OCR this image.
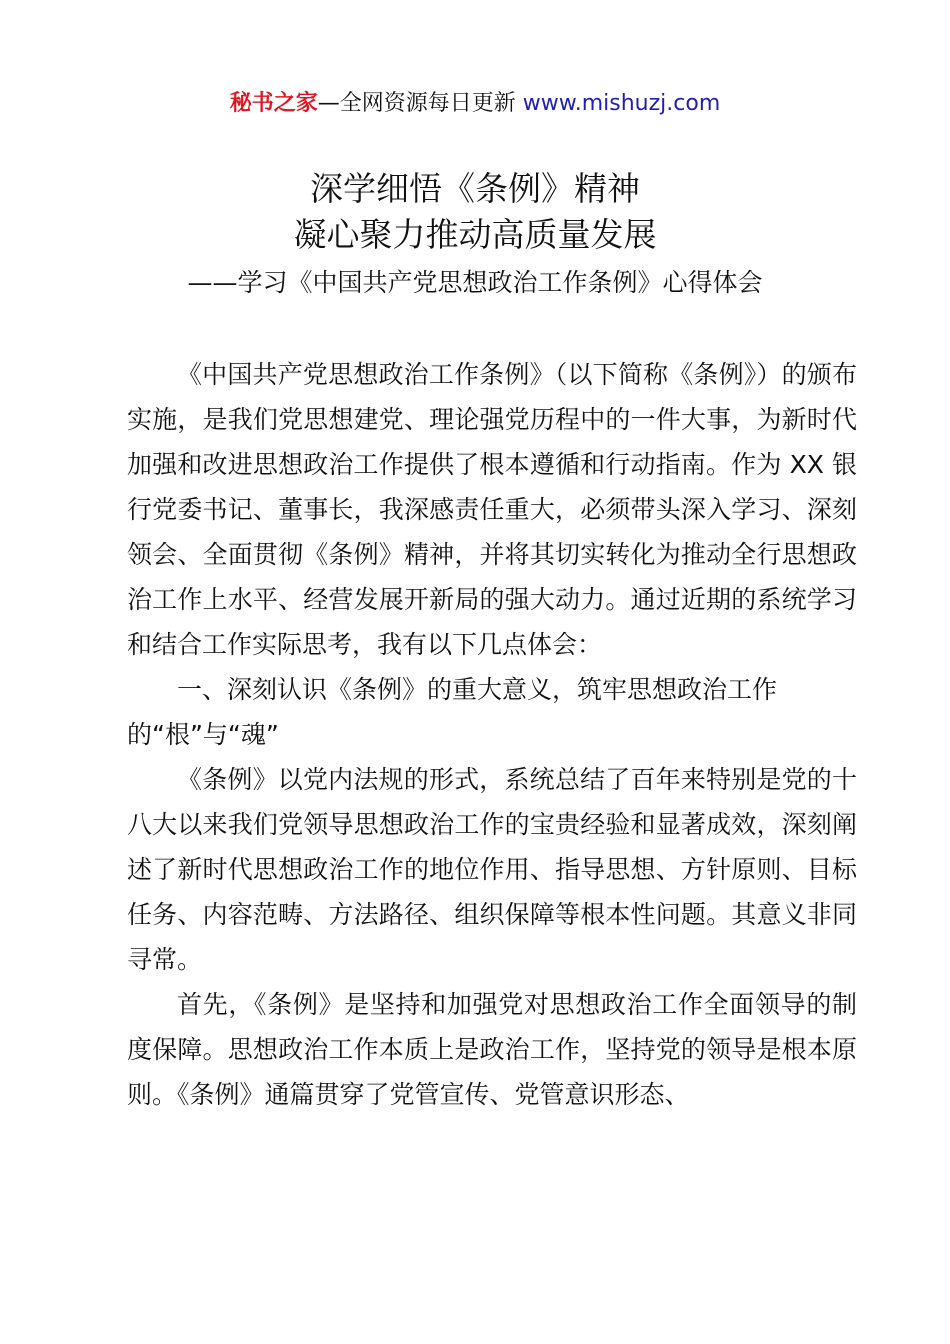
秘书之家—全网资源每日更新 www.mishuzj.com
深学细悟《条例》精神
凝心聚力推动高质量发展
——学习《中国共产党思想政治工作条例》心得体会

《中国共产党思想政治工作条例》（以下简称《条例》）的颁布实施，是我们党思想建党、理论强党历程中的一件大事，为新时代加强和改进思想政治工作提供了根本遵循和行动指南。作为 XX 银行党委书记、董事长，我深感责任重大，必须带头深入学习、深刻领会、全面贯彻《条例》精神，并将其切实转化为推动全行思想政治工作上水平、经营发展开新局的强大动力。通过近期的系统学习和结合工作实际思考，我有以下几点体会：

一、深刻认识《条例》的重大意义，筑牢思想政治工作的“根”与“魂”

《条例》以党内法规的形式，系统总结了百年来特别是党的十八大以来我们党领导思想政治工作的宝贵经验和显著成效，深刻阐述了新时代思想政治工作的地位作用、指导思想、方针原则、目标任务、内容范畴、方法路径、组织保障等根本性问题。其意义非同寻常。

首先，《条例》是坚持和加强党对思想政治工作全面领导的制度保障。思想政治工作本质上是政治工作，坚持党的领导是根本原则。《条例》通篇贯穿了党管宣传、党管意识形态、
